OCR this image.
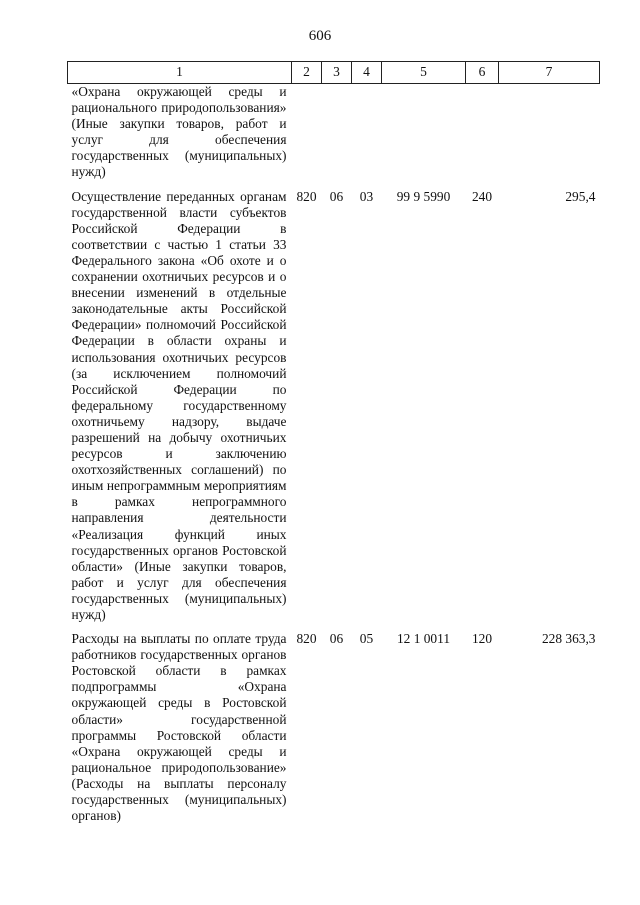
606
1	2	3	4	5	6	7
«Охрана окружающей среды и рационального природопользования» (Иные закупки товаров, работ и услуг для обеспечения государственных (муниципальных) нужд)						
Осуществление переданных органам государственной власти субъектов Российской Федерации в соответствии с частью 1 статьи 33 Федерального закона «Об охоте и о сохранении охотничьих ресурсов и о внесении изменений в отдельные законодательные акты Российской Федерации» полномочий Российской Федерации в области охраны и использования охотничьих ресурсов (за исключением полномочий Российской Федерации по федеральному государственному охотничьему надзору, выдаче разрешений на добычу охотничьих ресурсов и заключению охотхозяйственных соглашений) по иным непрограммным мероприятиям в рамках непрограммного направления деятельности «Реализация функций иных государственных органов Ростовской области» (Иные закупки товаров, работ и услуг для обеспечения государственных (муниципальных) нужд)	820	06	03	99 9 5990	240	295,4
Расходы на выплаты по оплате труда работников государственных органов Ростовской области в рамках подпрограммы «Охрана окружающей среды в Ростовской области» государственной программы Ростовской области «Охрана окружающей среды и рациональное природопользование» (Расходы на выплаты персоналу государственных (муниципальных) органов)	820	06	05	12 1 0011	120	228 363,3
